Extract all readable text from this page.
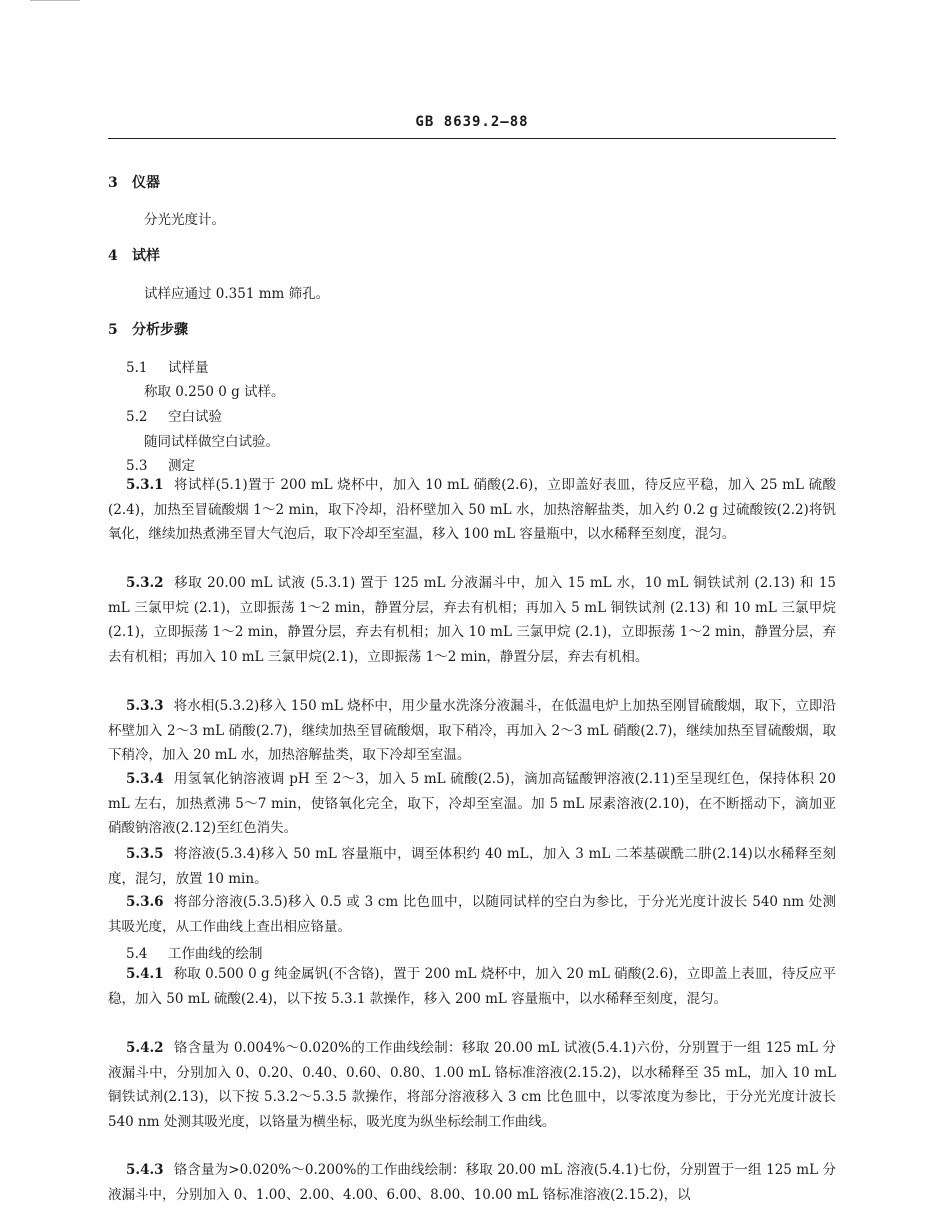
GB 8639.2—88
3 仪器
分光光度计。
4 试样
试样应通过 0.351 mm 筛孔。
5 分析步骤
5.1 试样量
称取 0.250 0 g 试样。
5.2 空白试验
随同试样做空白试验。
5.3 测定

5.3.1 将试样(5.1)置于 200 mL 烧杯中，加入 10 mL 硝酸(2.6)，立即盖好表皿，待反应平稳，加入 25 mL 硫酸(2.4)，加热至冒硫酸烟 1～2 min，取下冷却，沿杯壁加入 50 mL 水，加热溶解盐类，加入约 0.2 g 过硫酸铵(2.2)将钒氧化，继续加热煮沸至冒大气泡后，取下冷却至室温，移入 100 mL 容量瓶中，以水稀释至刻度，混匀。

5.3.2 移取 20.00 mL 试液 (5.3.1) 置于 125 mL 分液漏斗中，加入 15 mL 水，10 mL 铜铁试剂 (2.13) 和 15 mL 三氯甲烷 (2.1)，立即振荡 1～2 min，静置分层，弃去有机相；再加入 5 mL 铜铁试剂 (2.13) 和 10 mL 三氯甲烷 (2.1)，立即振荡 1～2 min，静置分层，弃去有机相；加入 10 mL 三氯甲烷 (2.1)，立即振荡 1～2 min，静置分层，弃去有机相；再加入 10 mL 三氯甲烷(2.1)，立即振荡 1～2 min，静置分层，弃去有机相。

5.3.3 将水相(5.3.2)移入 150 mL 烧杯中，用少量水洗涤分液漏斗，在低温电炉上加热至刚冒硫酸烟，取下，立即沿杯壁加入 2～3 mL 硝酸(2.7)，继续加热至冒硫酸烟，取下稍冷，再加入 2～3 mL 硝酸(2.7)，继续加热至冒硫酸烟，取下稍冷，加入 20 mL 水，加热溶解盐类，取下冷却至室温。

5.3.4 用氢氧化钠溶液调 pH 至 2～3，加入 5 mL 硫酸(2.5)，滴加高锰酸钾溶液(2.11)至呈现红色，保持体积 20 mL 左右，加热煮沸 5～7 min，使铬氧化完全，取下，冷却至室温。加 5 mL 尿素溶液(2.10)，在不断摇动下，滴加亚硝酸钠溶液(2.12)至红色消失。

5.3.5 将溶液(5.3.4)移入 50 mL 容量瓶中，调至体积约 40 mL，加入 3 mL 二苯基碳酰二肼(2.14)以水稀释至刻度，混匀，放置 10 min。

5.3.6 将部分溶液(5.3.5)移入 0.5 或 3 cm 比色皿中，以随同试样的空白为参比，于分光光度计波长 540 nm 处测其吸光度，从工作曲线上查出相应铬量。

5.4 工作曲线的绘制

5.4.1 称取 0.500 0 g 纯金属钒(不含铬)，置于 200 mL 烧杯中，加入 20 mL 硝酸(2.6)，立即盖上表皿，待反应平稳，加入 50 mL 硫酸(2.4)，以下按 5.3.1 款操作，移入 200 mL 容量瓶中，以水稀释至刻度，混匀。

5.4.2 铬含量为 0.004%～0.020%的工作曲线绘制：移取 20.00 mL 试液(5.4.1)六份，分别置于一组 125 mL 分液漏斗中，分别加入 0、0.20、0.40、0.60、0.80、1.00 mL 铬标准溶液(2.15.2)，以水稀释至 35 mL，加入 10 mL 铜铁试剂(2.13)，以下按 5.3.2～5.3.5 款操作，将部分溶液移入 3 cm 比色皿中，以零浓度为参比，于分光光度计波长 540 nm 处测其吸光度，以铬量为横坐标，吸光度为纵坐标绘制工作曲线。

5.4.3 铬含量为>0.020%～0.200%的工作曲线绘制：移取 20.00 mL 溶液(5.4.1)七份，分别置于一组 125 mL 分液漏斗中，分别加入 0、1.00、2.00、4.00、6.00、8.00、10.00 mL 铬标准溶液(2.15.2)，以
